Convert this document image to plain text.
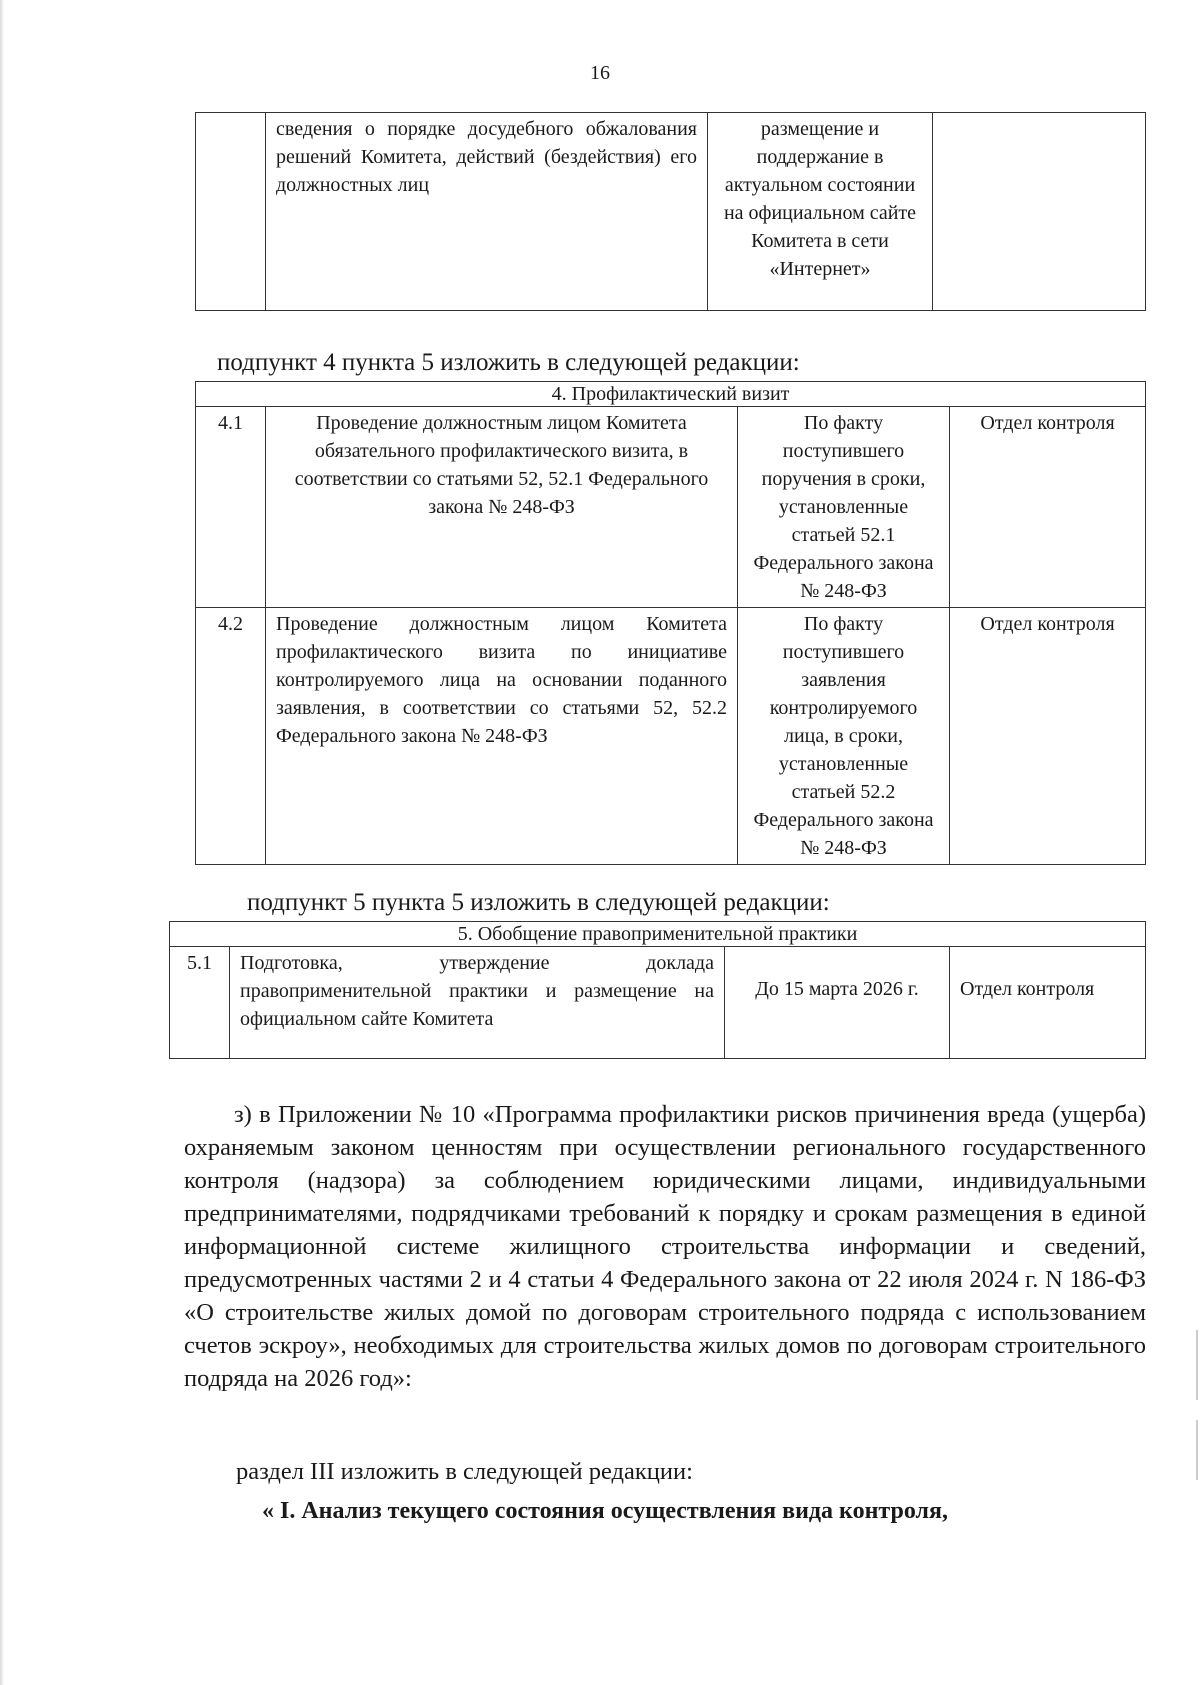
16
	сведения о порядке досудебного обжалования решений Комитета, действий (бездействия) его должностных лиц	размещение и поддержание в актуальном состоянии на официальном сайте Комитета в сети «Интернет»	
подпункт 4 пункта 5 изложить в следующей редакции:
4. Профилактический визит			
4.1	Проведение должностным лицом Комитета обязательного профилактического визита, в соответствии со статьями 52, 52.1 Федерального закона № 248-ФЗ	По факту поступившего поручения в сроки, установленные статьей 52.1 Федерального закона № 248-ФЗ	Отдел контроля
4.2	Проведение должностным лицом Комитета профилактического визита по инициативе контролируемого лица на основании поданного заявления, в соответствии со статьями 52, 52.2 Федерального закона № 248-ФЗ	По факту поступившего заявления контролируемого лица, в сроки, установленные статьей 52.2 Федерального закона № 248-ФЗ	Отдел контроля
подпункт 5 пункта 5 изложить в следующей редакции:
5. Обобщение правоприменительной практики
5.1	Подготовка, утверждение доклада правоприменительной практики и размещение на официальном сайте Комитета	До 15 марта 2026 г.	Отдел контроля
з) в Приложении № 10 «Программа профилактики рисков причинения вреда (ущерба) охраняемым законом ценностям при осуществлении регионального государственного контроля (надзора) за соблюдением юридическими лицами, индивидуальными предпринимателями, подрядчиками требований к порядку и срокам размещения в единой информационной системе жилищного строительства информации и сведений, предусмотренных частями 2 и 4 статьи 4 Федерального закона от 22 июля 2024 г. N 186-ФЗ «О строительстве жилых домой по договорам строительного подряда с использованием счетов эскроу», необходимых для строительства жилых домов по договорам строительного подряда на 2026 год»:
раздел III изложить в следующей редакции:
« I. Анализ текущего состояния осуществления вида контроля,
